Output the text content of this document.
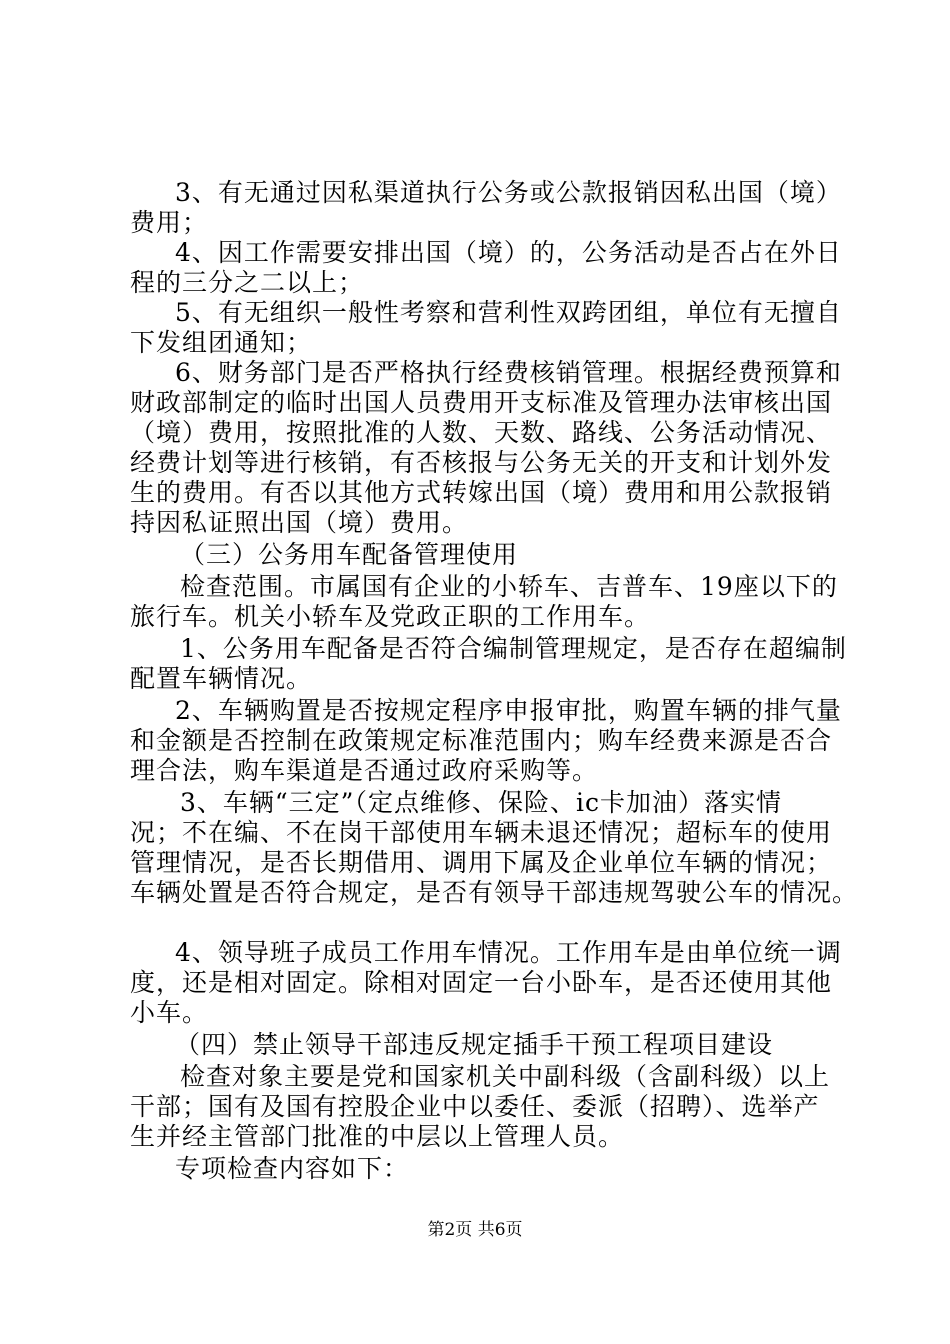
3、有无通过因私渠道执行公务或公款报销因私出国（境）
费用；
4、因工作需要安排出国（境）的，公务活动是否占在外日
程的三分之二以上；
5、有无组织一般性考察和营利性双跨团组，单位有无擅自
下发组团通知；
6、财务部门是否严格执行经费核销管理。根据经费预算和
财政部制定的临时出国人员费用开支标准及管理办法审核出国
（境）费用，按照批准的人数、天数、路线、公务活动情况、
经费计划等进行核销，有否核报与公务无关的开支和计划外发
生的费用。有否以其他方式转嫁出国（境）费用和用公款报销
持因私证照出国（境）费用。
（三）公务用车配备管理使用
检查范围。市属国有企业的小轿车、吉普车、19座以下的
旅行车。机关小轿车及党政正职的工作用车。
1、公务用车配备是否符合编制管理规定，是否存在超编制
配置车辆情况。
2、车辆购置是否按规定程序申报审批，购置车辆的排气量
和金额是否控制在政策规定标准范围内；购车经费来源是否合
理合法，购车渠道是否通过政府采购等。
3、车辆“三定”（定点维修、保险、ic卡加油）落实情
况；不在编、不在岗干部使用车辆未退还情况；超标车的使用
管理情况，是否长期借用、调用下属及企业单位车辆的情况；
车辆处置是否符合规定，是否有领导干部违规驾驶公车的情况。
4、领导班子成员工作用车情况。工作用车是由单位统一调
度，还是相对固定。除相对固定一台小卧车，是否还使用其他
小车。
（四）禁止领导干部违反规定插手干预工程项目建设
检查对象主要是党和国家机关中副科级（含副科级）以上
干部；国有及国有控股企业中以委任、委派（招聘）、选举产
生并经主管部门批准的中层以上管理人员。
专项检查内容如下：
第2页 共6页
